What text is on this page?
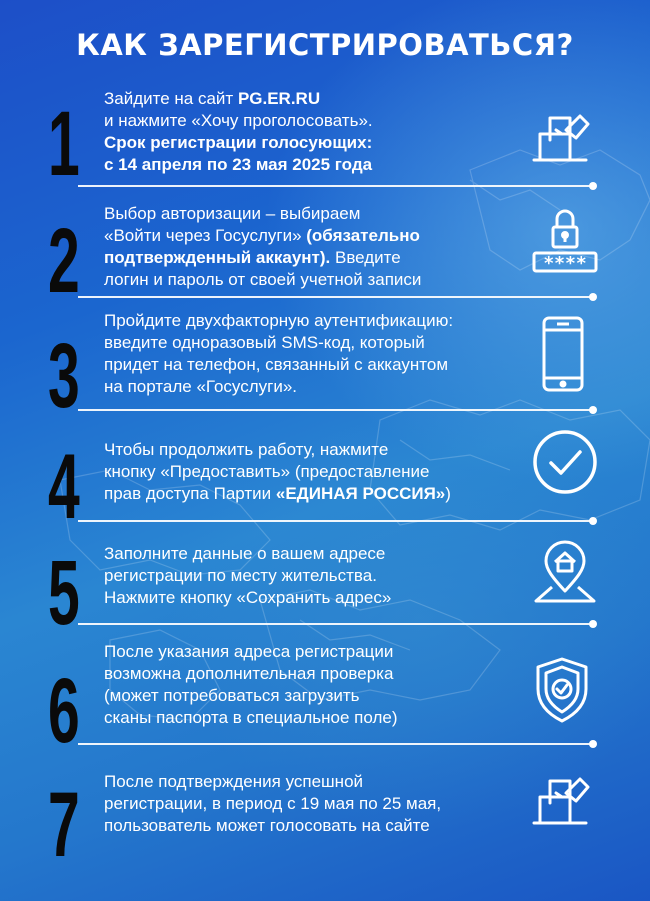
КАК ЗАРЕГИСТРИРОВАТЬСЯ?
1 Зайдите на сайт PG.ER.RU
и нажмите «Хочу проголосовать».
Срок регистрации голосующих:
с 14 апреля по 23 мая 2025 года
2 Выбор авторизации – выбираем
«Войти через Госуслуги» (обязательно
подтвержденный аккаунт). Введите
логин и пароль от своей учетной записи
****
3
Пройдите двухфакторную аутентификацию:
введите одноразовый SMS-код, который
придет на телефон, связанный с аккаунтом
на портале «Госуслуги».
4 Чтобы продолжить работу, нажмите
кнопку «Предоставить» (предоставление
прав доступа Партии «ЕДИНАЯ РОССИЯ»)
5 Заполните данные о вашем адресе
регистрации по месту жительства.
Нажмите кнопку «Сохранить адрес»
6
После указания адреса регистрации
возможна дополнительная проверка
(может потребоваться загрузить
сканы паспорта в специальное поле)
7 После подтверждения успешной
регистрации, в период с 19 мая по 25 мая,
пользователь может голосовать на сайте
